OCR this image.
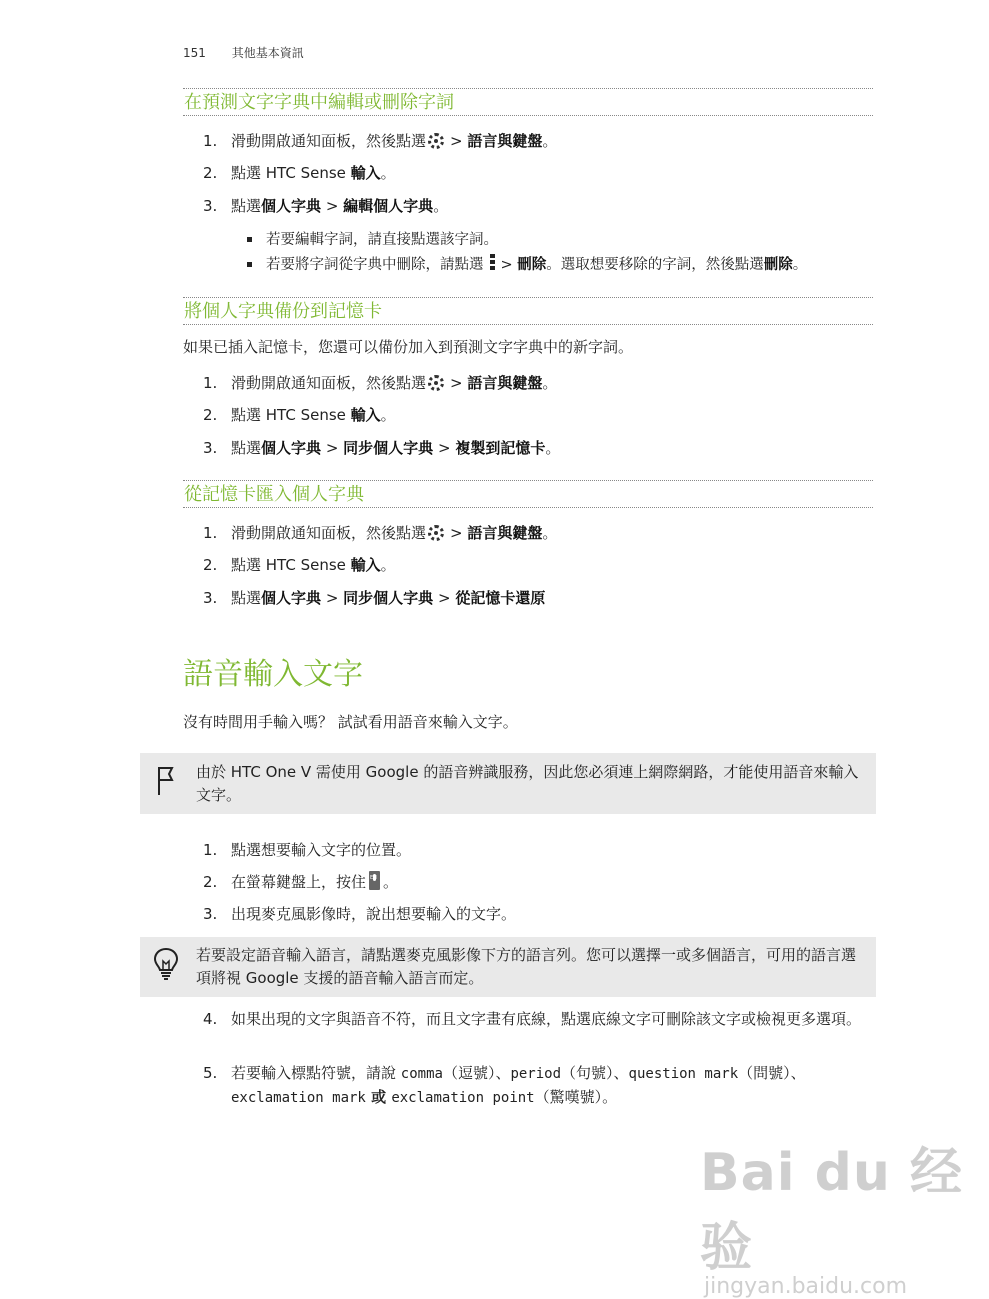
151 其他基本資訊
在預測文字字典中編輯或刪除字詞
1. 滑動開啟通知面板，然後點選 > 語言與鍵盤。
2. 點選 HTC Sense 輸入。
3. 點選個人字典 > 編輯個人字典。
若要編輯字詞，請直接點選該字詞。
若要將字詞從字典中刪除，請點選 > 刪除。選取想要移除的字詞，然後點選刪除。
將個人字典備份到記憶卡
如果已插入記憶卡，您還可以備份加入到預測文字字典中的新字詞。
1. 滑動開啟通知面板，然後點選 > 語言與鍵盤。
2. 點選 HTC Sense 輸入。
3. 點選個人字典 > 同步個人字典 > 複製到記憶卡。
從記憶卡匯入個人字典
1. 滑動開啟通知面板，然後點選 > 語言與鍵盤。
2. 點選 HTC Sense 輸入。
3. 點選個人字典 > 同步個人字典 > 從記憶卡還原
語音輸入文字
沒有時間用手輸入嗎？ 試試看用語音來輸入文字。
由於 HTC One V 需使用 Google 的語音辨識服務，因此您必須連上網際網路，才能使用語音來輸入文字。
1. 點選想要輸入文字的位置。
2. 在螢幕鍵盤上，按住EN 。
3. 出現麥克風影像時，說出想要輸入的文字。
若要設定語音輸入語言，請點選麥克風影像下方的語言列。您可以選擇一或多個語言，可用的語言選項將視 Google 支援的語音輸入語言而定。
4. 如果出現的文字與語音不符，而且文字畫有底線，點選底線文字可刪除該文字或檢視更多選項。
5. 若要輸入標點符號，請說 comma（逗號）、period（句號）、question mark（問號）、exclamation mark 或 exclamation point（驚嘆號）。
Bai du 经验
jingyan.baidu.com
